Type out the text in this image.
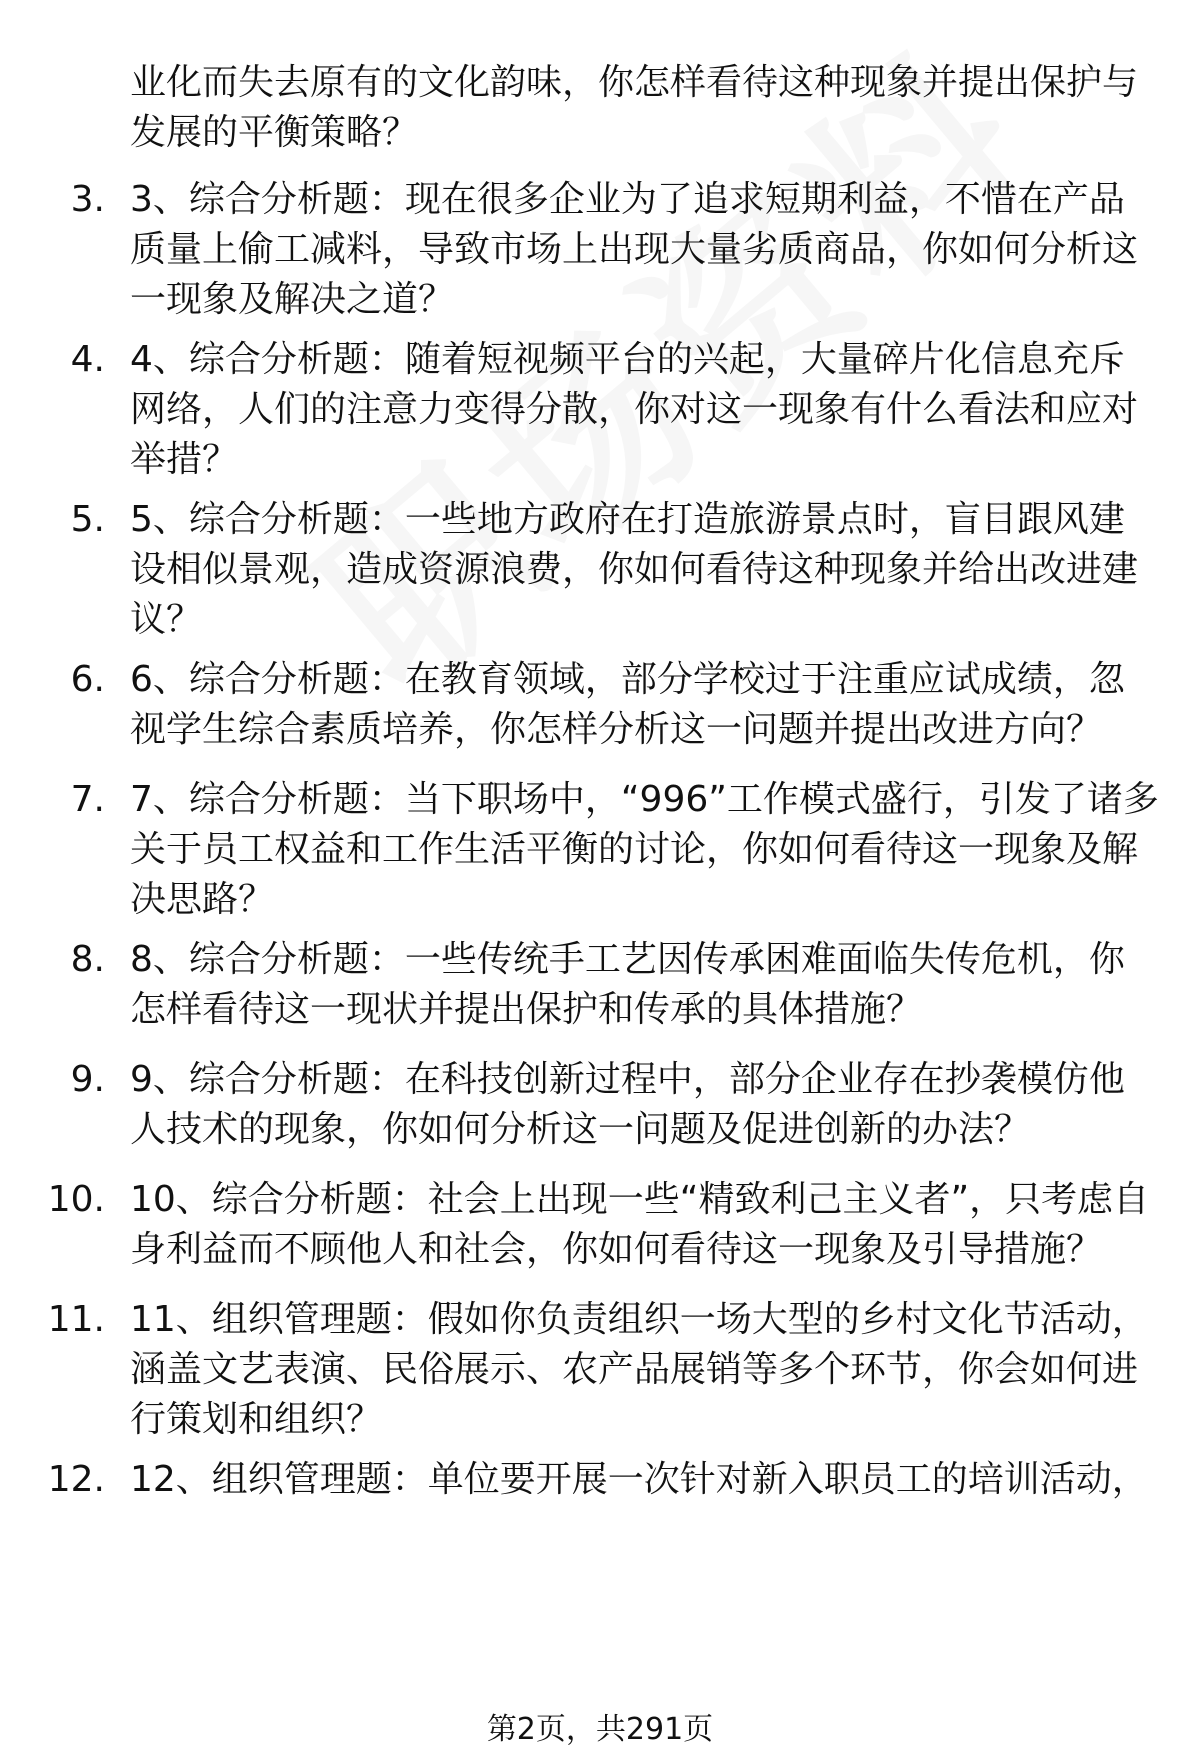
业化而失去原有的文化韵味，你怎样看待这种现象并提出保护与发展的平衡策略？
3. 3、综合分析题：现在很多企业为了追求短期利益，不惜在产品质量上偷工减料，导致市场上出现大量劣质商品，你如何分析这一现象及解决之道？
4. 4、综合分析题：随着短视频平台的兴起，大量碎片化信息充斥网络，人们的注意力变得分散，你对这一现象有什么看法和应对举措？
5. 5、综合分析题：一些地方政府在打造旅游景点时，盲目跟风建设相似景观，造成资源浪费，你如何看待这种现象并给出改进建议？
6. 6、综合分析题：在教育领域，部分学校过于注重应试成绩，忽视学生综合素质培养，你怎样分析这一问题并提出改进方向？
7. 7、综合分析题：当下职场中，“996”工作模式盛行，引发了诸多关于员工权益和工作生活平衡的讨论，你如何看待这一现象及解决思路？
8. 8、综合分析题：一些传统手工艺因传承困难面临失传危机，你怎样看待这一现状并提出保护和传承的具体措施？
9. 9、综合分析题：在科技创新过程中，部分企业存在抄袭模仿他人技术的现象，你如何分析这一问题及促进创新的办法？
10. 10、综合分析题：社会上出现一些“精致利己主义者”，只考虑自身利益而不顾他人和社会，你如何看待这一现象及引导措施？
11. 11、组织管理题：假如你负责组织一场大型的乡村文化节活动，涵盖文艺表演、民俗展示、农产品展销等多个环节，你会如何进行策划和组织？
12. 12、组织管理题：单位要开展一次针对新入职员工的培训活动，
第2页，共291页
